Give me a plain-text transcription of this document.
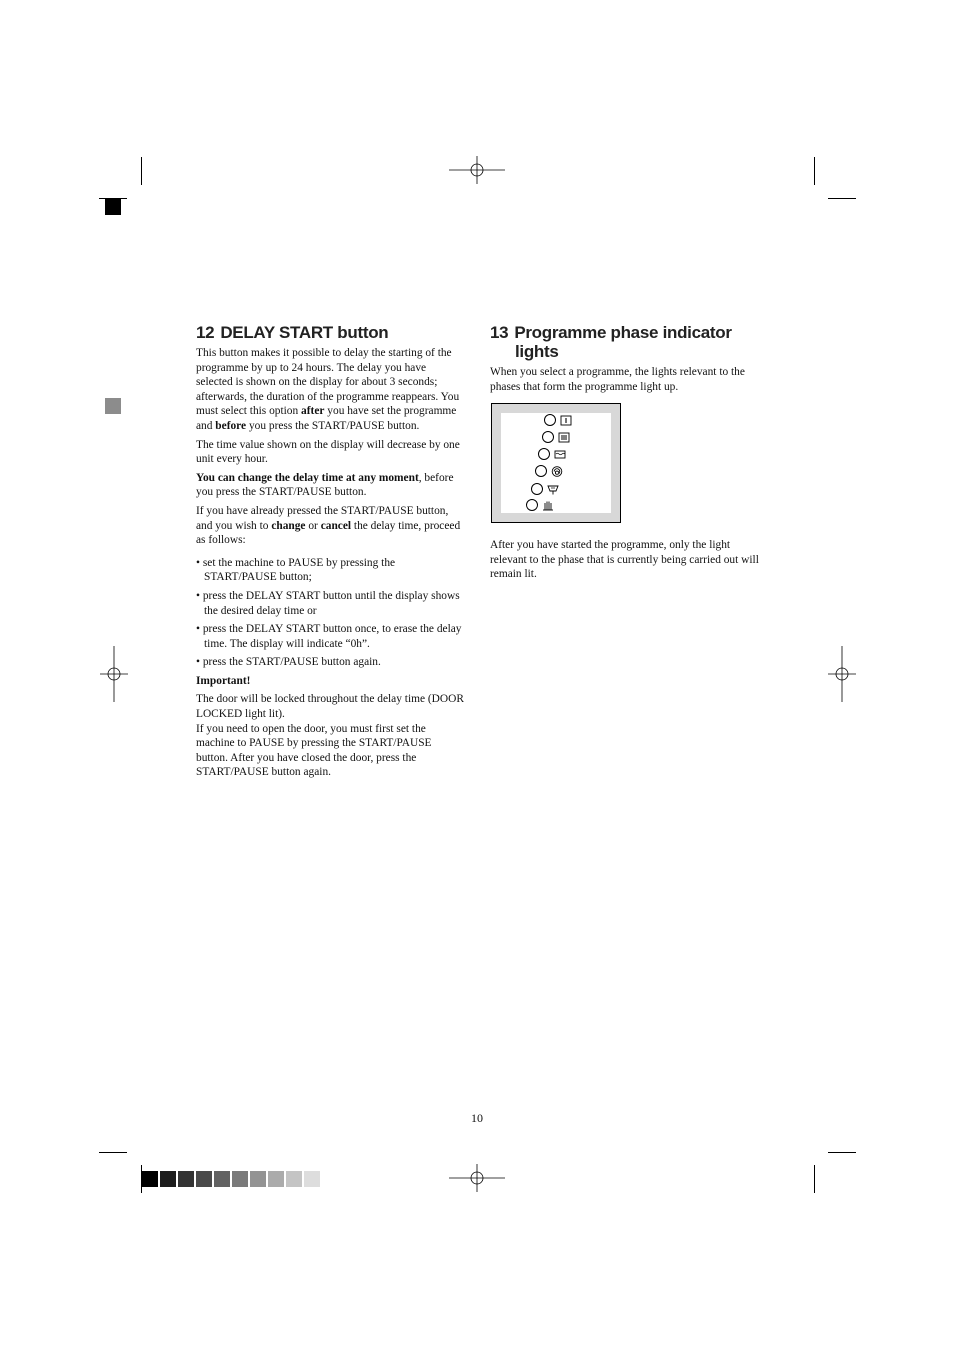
12 DELAY START button

This button makes it possible to delay the starting of the programme by up to 24 hours. The delay you have selected is shown on the display for about 3 seconds; afterwards, the duration of the programme reappears. You must select this option after you have set the programme and before you press the START/PAUSE button.

The time value shown on the display will decrease by one unit every hour.

You can change the delay time at any moment, before you press the START/PAUSE button.

If you have already pressed the START/PAUSE button, and you wish to change or cancel the delay time, proceed as follows:

• set the machine to PAUSE by pressing the START/PAUSE button;

• press the DELAY START button until the display shows the desired delay time or

• press the DELAY START button once, to erase the delay time. The display will indicate “0h”.

• press the START/PAUSE button again.

Important!

The door will be locked throughout the delay time (DOOR LOCKED light lit).

If you need to open the door, you must first set the machine to PAUSE by pressing the START/PAUSE button. After you have closed the door, press the START/PAUSE button again.

13 Programme phase indicator lights

When you select a programme, the lights relevant to the phases that form the programme light up.

After you have started the programme, only the light relevant to the phase that is currently being carried out will remain lit.

10
